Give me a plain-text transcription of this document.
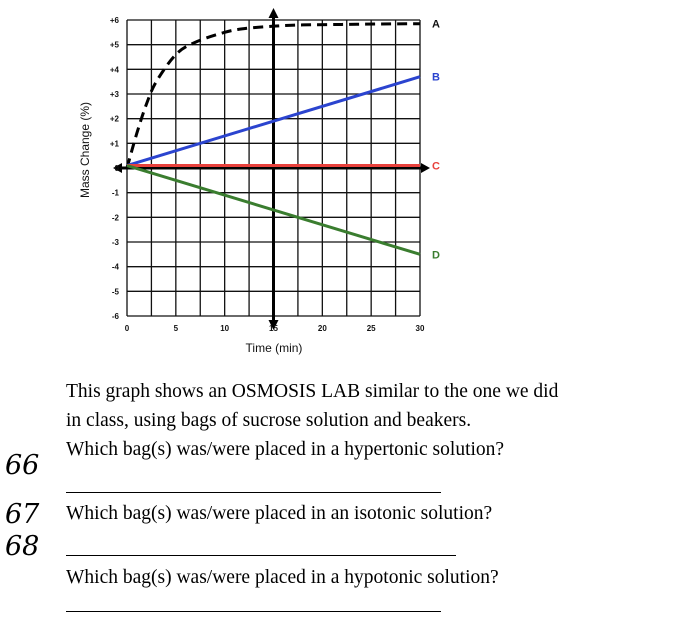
0	5	10	15	20	25	30
+6
+5
+4
+3
+2
+1
0
-1
-2
-3
-4
-5
-6
A
B
C
D
Time (min)
Mass Change (%)
This graph shows an OSMOSIS LAB similar to the one we did
in class, using bags of sucrose solution and beakers.
Which bag(s) was/were placed in a hypertonic solution?
Which bag(s) was/were placed in an isotonic solution?
Which bag(s) was/were placed in a hypotonic solution?
66
67
68
